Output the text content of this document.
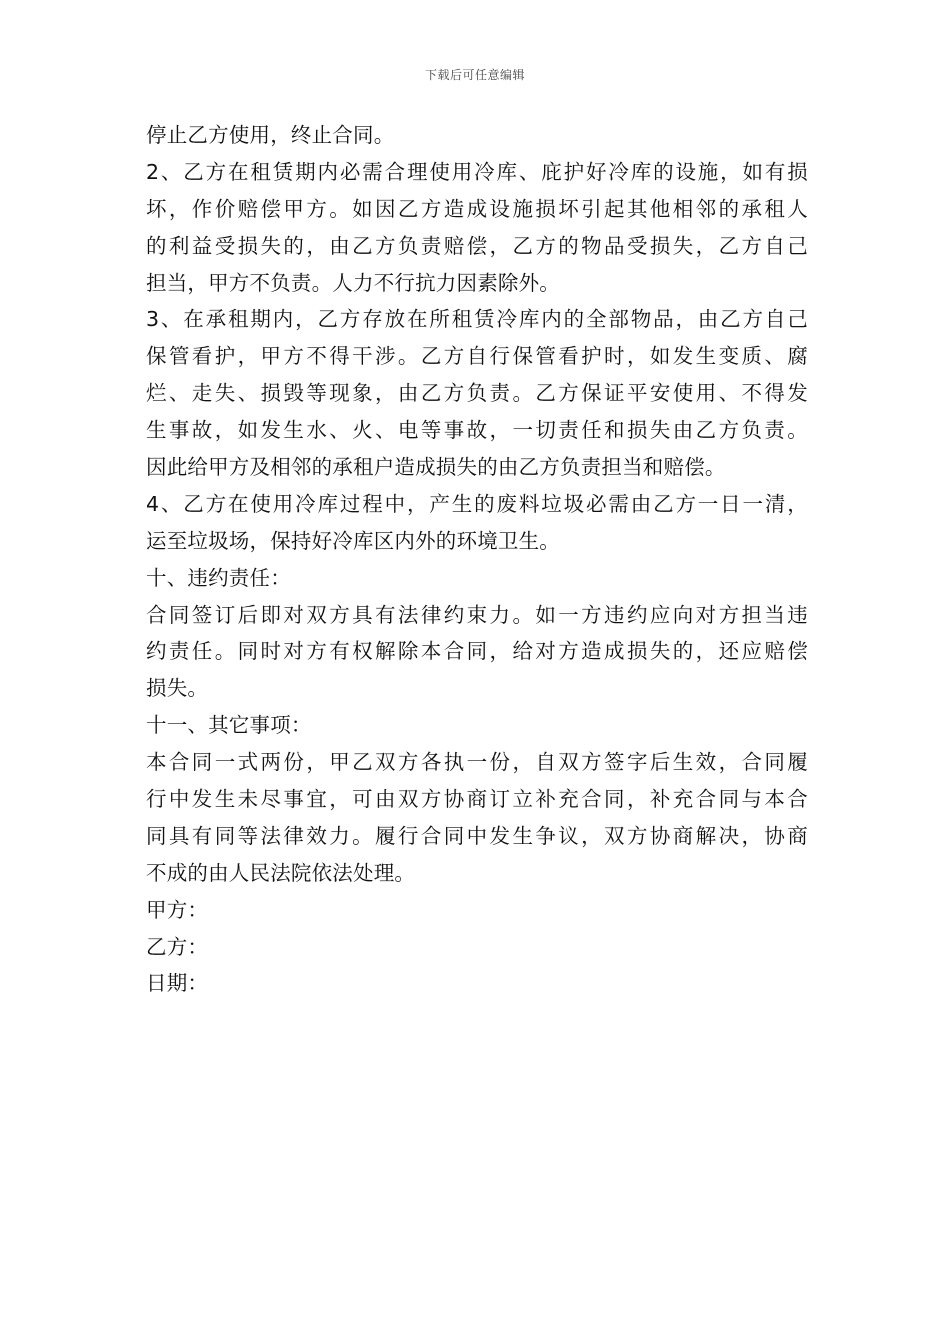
下载后可任意编辑
停止乙方使用，终止合同。
2、乙方在租赁期内必需合理使用冷库、庇护好冷库的设施，如有损
坏，作价赔偿甲方。如因乙方造成设施损坏引起其他相邻的承租人
的利益受损失的，由乙方负责赔偿，乙方的物品受损失，乙方自己
担当，甲方不负责。人力不行抗力因素除外。
3、在承租期内，乙方存放在所租赁冷库内的全部物品，由乙方自己
保管看护，甲方不得干涉。乙方自行保管看护时，如发生变质、腐
烂、走失、损毁等现象，由乙方负责。乙方保证平安使用、不得发
生事故，如发生水、火、电等事故，一切责任和损失由乙方负责。
因此给甲方及相邻的承租户造成损失的由乙方负责担当和赔偿。
4、乙方在使用冷库过程中，产生的废料垃圾必需由乙方一日一清，
运至垃圾场，保持好冷库区内外的环境卫生。
十、违约责任：
合同签订后即对双方具有法律约束力。如一方违约应向对方担当违
约责任。同时对方有权解除本合同，给对方造成损失的，还应赔偿
损失。
十一、其它事项：
本合同一式两份，甲乙双方各执一份，自双方签字后生效，合同履
行中发生未尽事宜，可由双方协商订立补充合同，补充合同与本合
同具有同等法律效力。履行合同中发生争议，双方协商解决，协商
不成的由人民法院依法处理。
甲方：
乙方：
日期：
